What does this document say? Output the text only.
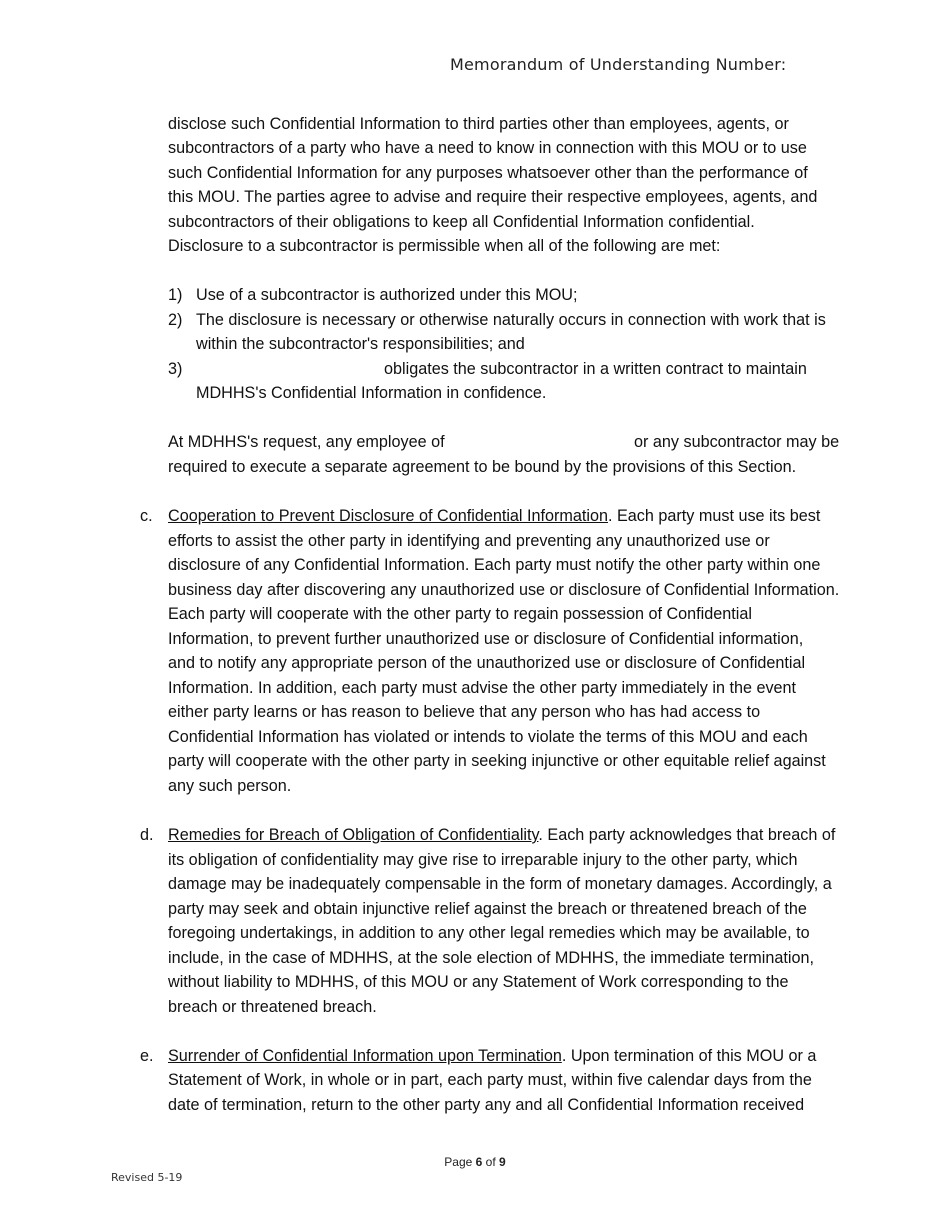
Memorandum of Understanding Number:
disclose such Confidential Information to third parties other than employees, agents, or
subcontractors of a party who have a need to know in connection with this MOU or to use
such Confidential Information for any purposes whatsoever other than the performance of
this MOU. The parties agree to advise and require their respective employees, agents, and
subcontractors of their obligations to keep all Confidential Information confidential.
Disclosure to a subcontractor is permissible when all of the following are met:
1) Use of a subcontractor is authorized under this MOU;
2) The disclosure is necessary or otherwise naturally occurs in connection with work that is
within the subcontractor's responsibilities; and
3)	obligates the subcontractor in a written contract to maintain
MDHHS's Confidential Information in confidence.
At MDHHS's request, any employee of	or any subcontractor may be
required to execute a separate agreement to be bound by the provisions of this Section.
c. Cooperation to Prevent Disclosure of Confidential Information. Each party must use its best
efforts to assist the other party in identifying and preventing any unauthorized use or
disclosure of any Confidential Information. Each party must notify the other party within one
business day after discovering any unauthorized use or disclosure of Confidential Information.
Each party will cooperate with the other party to regain possession of Confidential
Information, to prevent further unauthorized use or disclosure of Confidential information,
and to notify any appropriate person of the unauthorized use or disclosure of Confidential
Information. In addition, each party must advise the other party immediately in the event
either party learns or has reason to believe that any person who has had access to
Confidential Information has violated or intends to violate the terms of this MOU and each
party will cooperate with the other party in seeking injunctive or other equitable relief against
any such person.
d. Remedies for Breach of Obligation of Confidentiality. Each party acknowledges that breach of
its obligation of confidentiality may give rise to irreparable injury to the other party, which
damage may be inadequately compensable in the form of monetary damages. Accordingly, a
party may seek and obtain injunctive relief against the breach or threatened breach of the
foregoing undertakings, in addition to any other legal remedies which may be available, to
include, in the case of MDHHS, at the sole election of MDHHS, the immediate termination,
without liability to MDHHS, of this MOU or any Statement of Work corresponding to the
breach or threatened breach.
e. Surrender of Confidential Information upon Termination. Upon termination of this MOU or a
Statement of Work, in whole or in part, each party must, within five calendar days from the
date of termination, return to the other party any and all Confidential Information received
Page 6 of 9
Revised 5-19
